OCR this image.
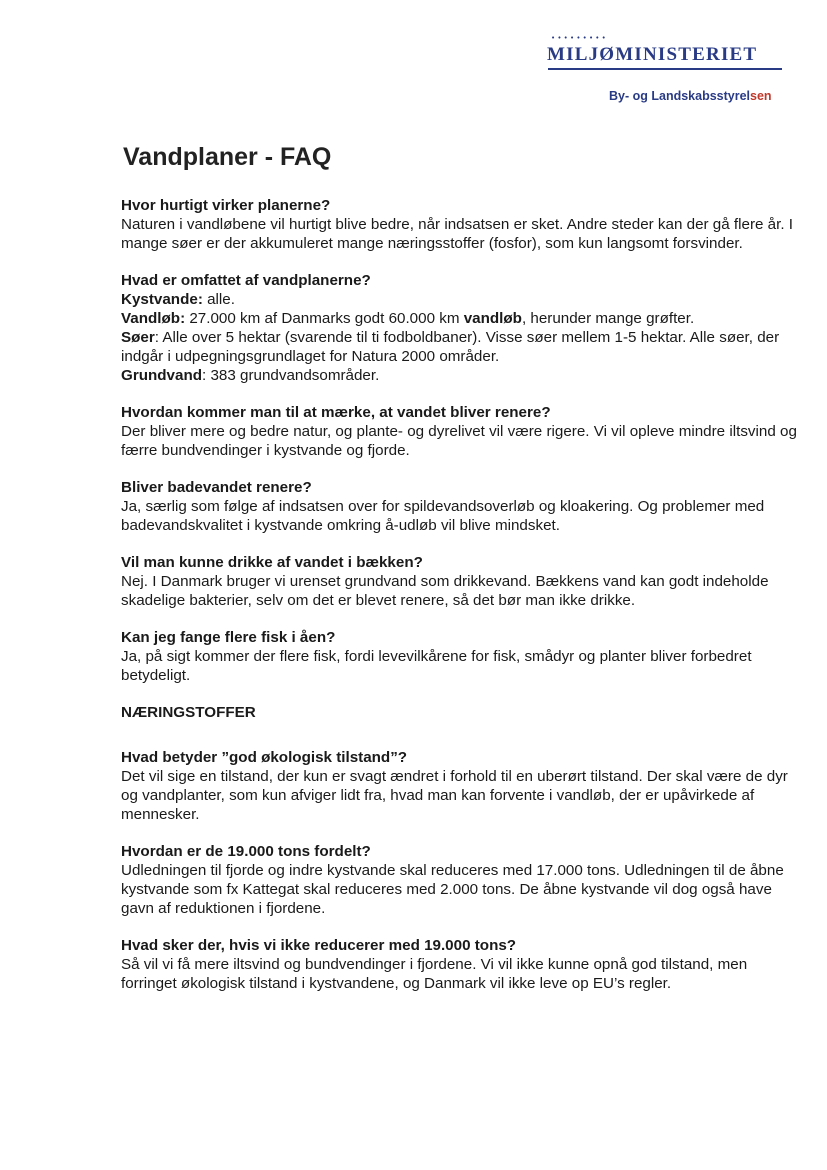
•••••••••
MILJØMINISTERIET
By- og Landskabsstyrelsen
Vandplaner - FAQ
Hvor hurtigt virker planerne?

Naturen i vandløbene vil hurtigt blive bedre, når indsatsen er sket. Andre steder kan der gå flere år. I mange søer er der akkumuleret mange næringsstoffer (fosfor), som kun langsomt forsvinder.

Hvad er omfattet af vandplanerne?
Kystvande: alle.
Vandløb: 27.000 km af Danmarks godt 60.000 km vandløb, herunder mange grøfter.
Søer: Alle over 5 hektar (svarende til ti fodboldbaner). Visse søer mellem 1-5 hektar. Alle søer, der indgår i udpegningsgrundlaget for Natura 2000 områder.
Grundvand: 383 grundvandsområder.
Hvordan kommer man til at mærke, at vandet bliver renere?

Der bliver mere og bedre natur, og plante- og dyrelivet vil være rigere. Vi vil opleve mindre iltsvind og færre bundvendinger i kystvande og fjorde.

Bliver badevandet renere?

Ja, særlig som følge af indsatsen over for spildevandsoverløb og kloakering. Og problemer med badevandskvalitet i kystvande omkring å-udløb vil blive mindsket.

Vil man kunne drikke af vandet i bækken?

Nej. I Danmark bruger vi urenset grundvand som drikkevand. Bækkens vand kan godt indeholde skadelige bakterier, selv om det er blevet renere, så det bør man ikke drikke.

Kan jeg fange flere fisk i åen?

Ja, på sigt kommer der flere fisk, fordi levevilkårene for fisk, smådyr og planter bliver forbedret betydeligt.

NÆRINGSTOFFER
Hvad betyder ”god økologisk tilstand”?

Det vil sige en tilstand, der kun er svagt ændret i forhold til en uberørt tilstand. Der skal være de dyr og vandplanter, som kun afviger lidt fra, hvad man kan forvente i vandløb, der er upåvirkede af mennesker.

Hvordan er de 19.000 tons fordelt?

Udledningen til fjorde og indre kystvande skal reduceres med 17.000 tons. Udledningen til de åbne kystvande som fx Kattegat skal reduceres med 2.000 tons. De åbne kystvande vil dog også have gavn af reduktionen i fjordene.

Hvad sker der, hvis vi ikke reducerer med 19.000 tons?

Så vil vi få mere iltsvind og bundvendinger i fjordene. Vi vil ikke kunne opnå god tilstand, men forringet økologisk tilstand i kystvandene, og Danmark vil ikke leve op EU’s regler.
